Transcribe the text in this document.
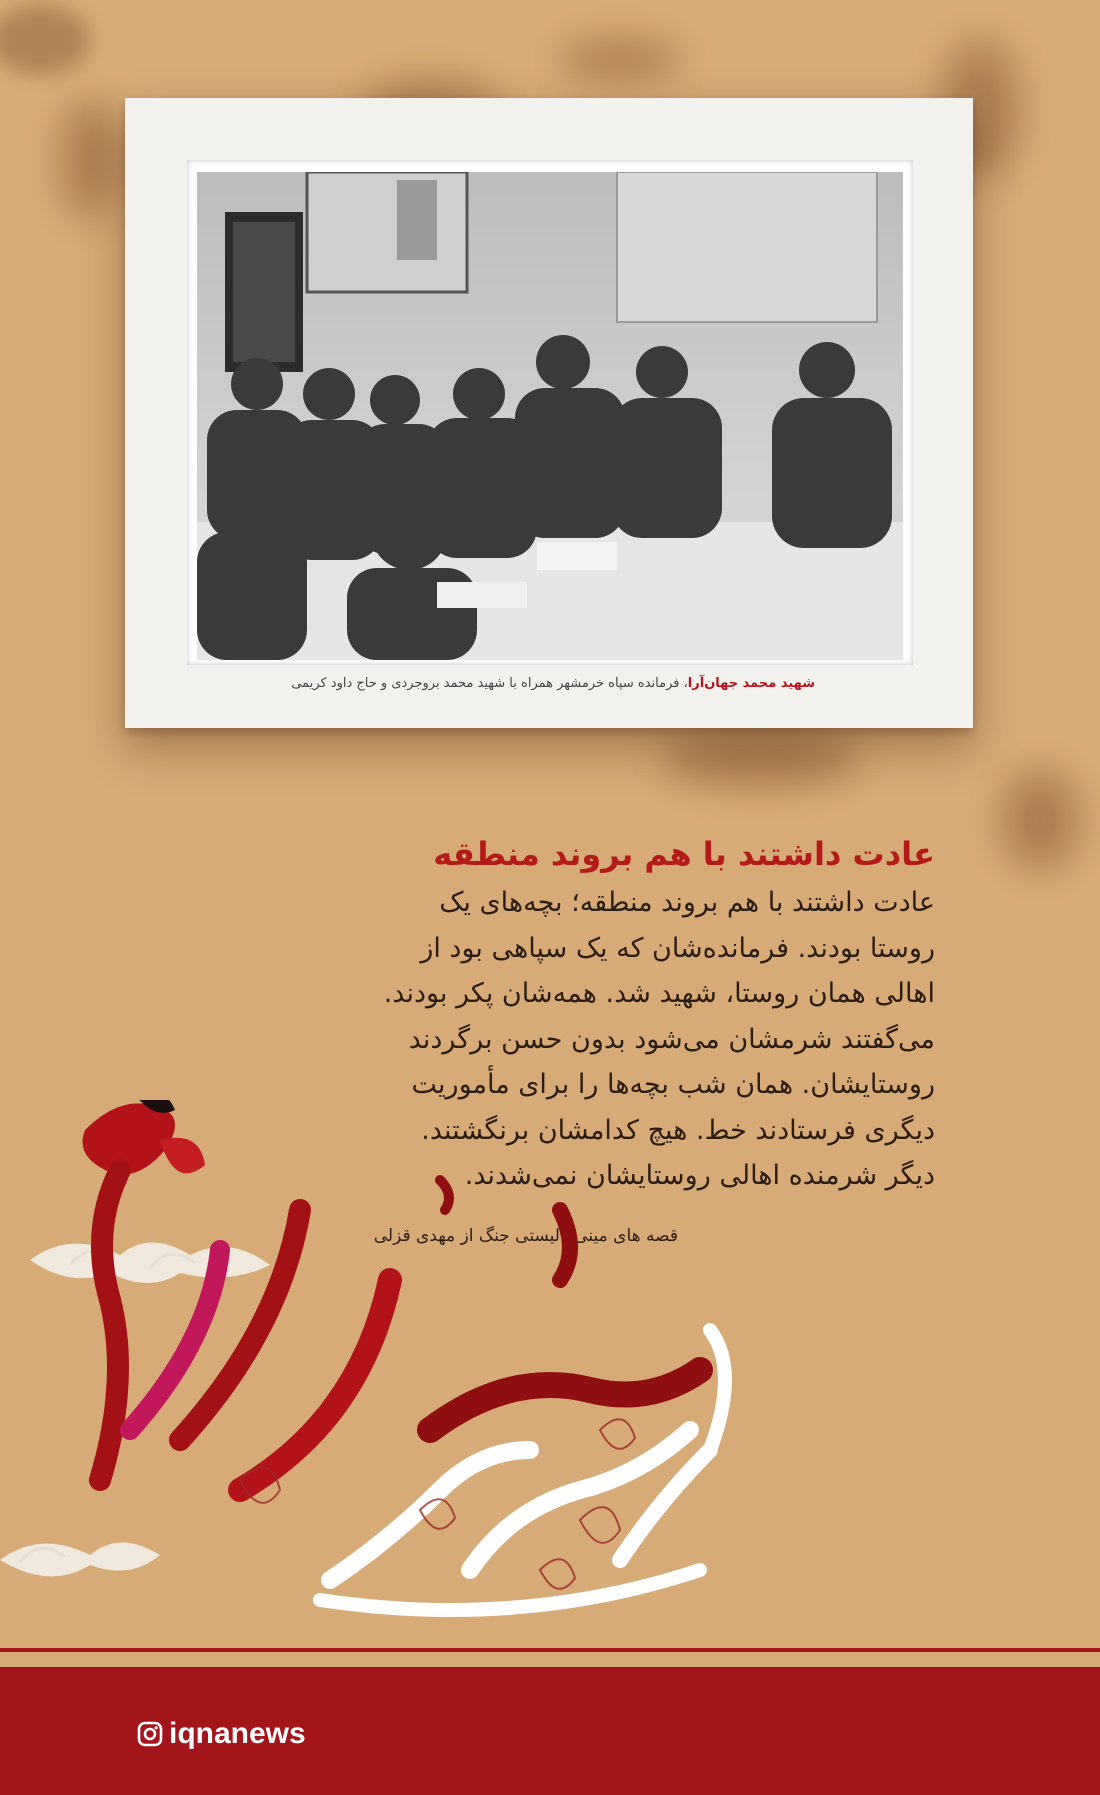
شهید محمد جهان‌آرا، فرمانده سپاه خرمشهر همراه با شهید محمد بروجردی و حاج داود کریمی
عادت داشتند با هم بروند منطقه
عادت داشتند با هم بروند منطقه؛ بچه‌های یک
روستا بودند. فرمانده‌شان که یک سپاهی بود از
اهالی همان روستا، شهید شد. همه‌شان پکر بودند.
می‌گفتند شرمشان می‌شود بدون حسن برگردند
روستایشان. همان شب بچه‌ها را برای مأموریت
دیگری فرستادند خط. هیچ کدامشان برنگشتند.
دیگر شرمنده اهالی روستایشان نمی‌شدند.
قصه های مینی‌مالیستی جنگ از مهدی قزلی
iqnanews
